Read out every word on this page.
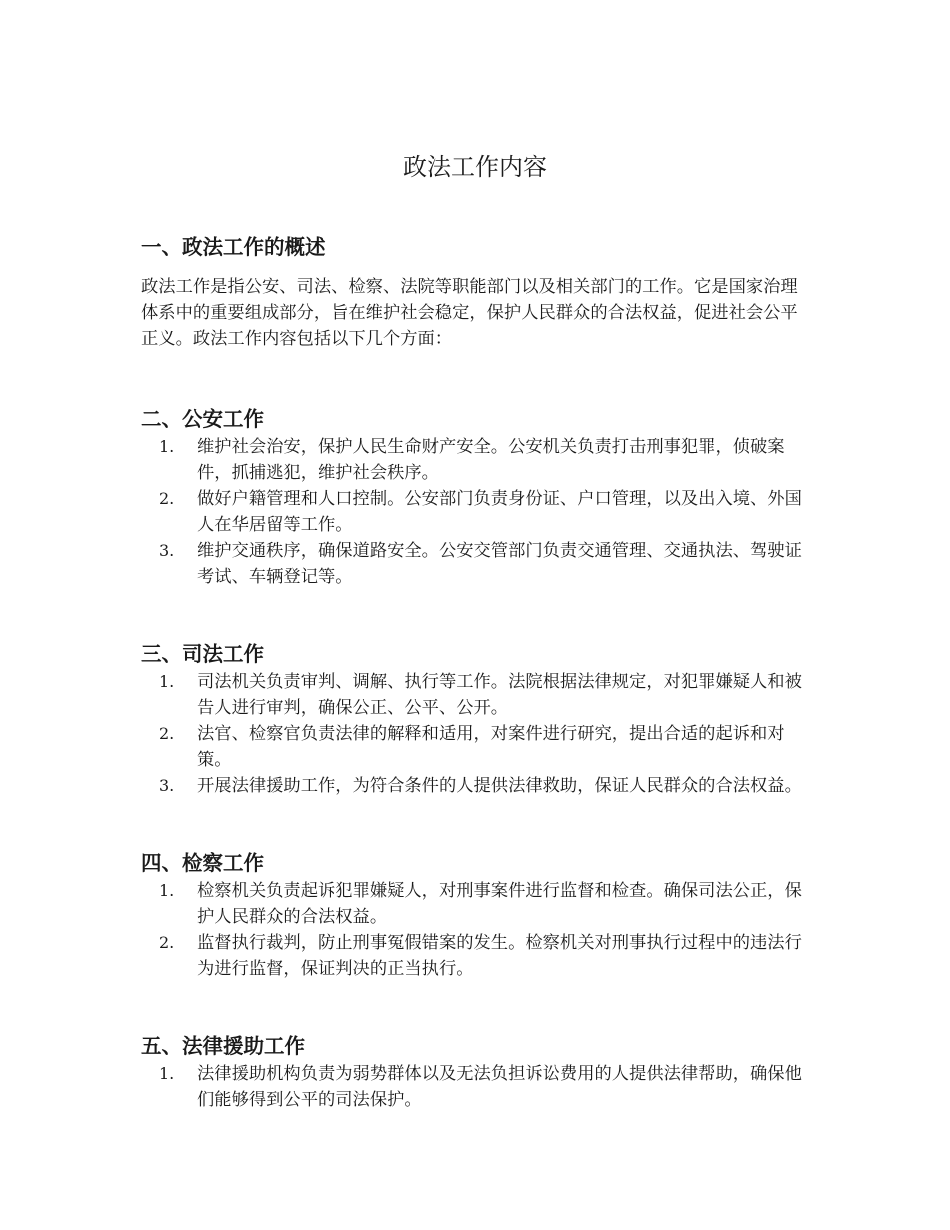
政法工作内容
一、政法工作的概述

政法工作是指公安、司法、检察、法院等职能部门以及相关部门的工作。它是国家治理体系中的重要组成部分，旨在维护社会稳定，保护人民群众的合法权益，促进社会公平正义。政法工作内容包括以下几个方面：

二、公安工作
1.	维护社会治安，保护人民生命财产安全。公安机关负责打击刑事犯罪，侦破案件，抓捕逃犯，维护社会秩序。
2.	做好户籍管理和人口控制。公安部门负责身份证、户口管理，以及出入境、外国人在华居留等工作。
3.	维护交通秩序，确保道路安全。公安交管部门负责交通管理、交通执法、驾驶证考试、车辆登记等。
三、司法工作
1.	司法机关负责审判、调解、执行等工作。法院根据法律规定，对犯罪嫌疑人和被告人进行审判，确保公正、公平、公开。
2.	法官、检察官负责法律的解释和适用，对案件进行研究，提出合适的起诉和对策。
3.	开展法律援助工作，为符合条件的人提供法律救助，保证人民群众的合法权益。
四、检察工作
1.	检察机关负责起诉犯罪嫌疑人，对刑事案件进行监督和检查。确保司法公正，保护人民群众的合法权益。
2.	监督执行裁判，防止刑事冤假错案的发生。检察机关对刑事执行过程中的违法行为进行监督，保证判决的正当执行。
五、法律援助工作
1.	法律援助机构负责为弱势群体以及无法负担诉讼费用的人提供法律帮助，确保他们能够得到公平的司法保护。
